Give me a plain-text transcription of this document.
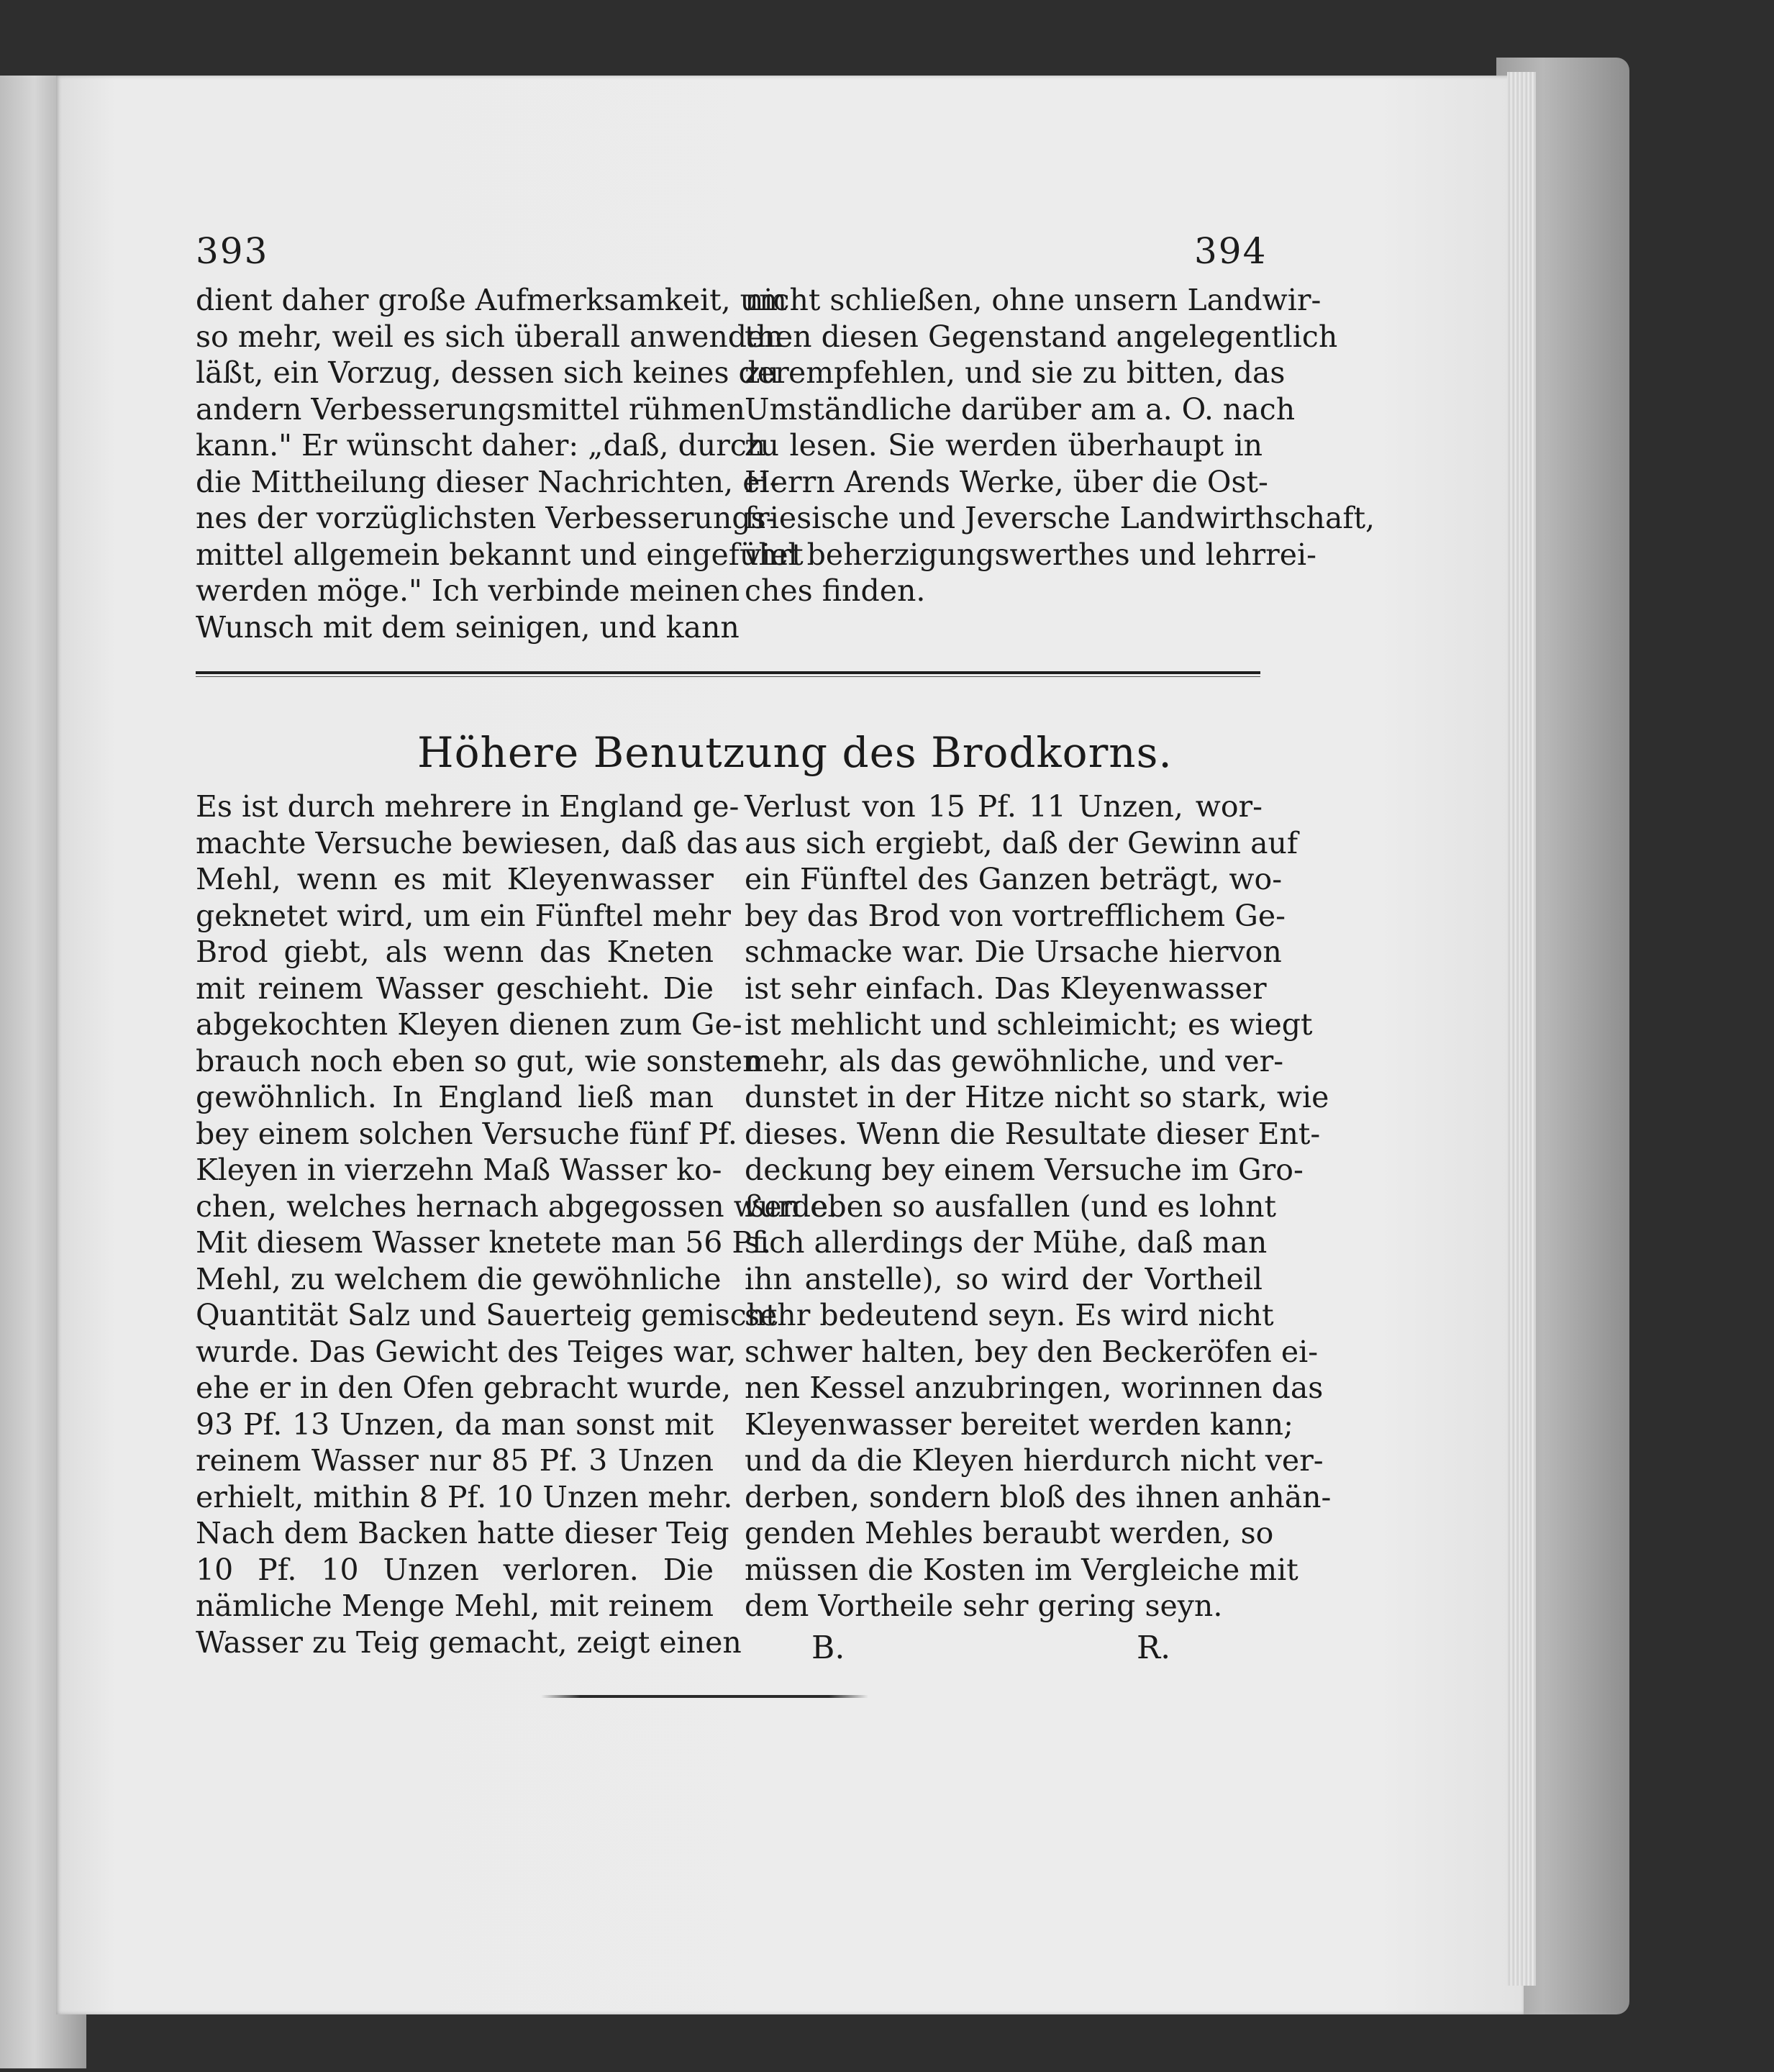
393	394
dient daher große Aufmerksamkeit, um
so mehr, weil es sich überall anwenden
läßt, ein Vorzug, dessen sich keines der
andern Verbesserungsmittel rühmen
kann." Er wünscht daher: „daß, durch
die Mittheilung dieser Nachrichten, ei-
nes der vorzüglichsten Verbesserungs-
mittel allgemein bekannt und eingeführt
werden möge." Ich verbinde meinen
Wunsch mit dem seinigen, und kann
nicht schließen, ohne unsern Landwir-
then diesen Gegenstand angelegentlich
zu empfehlen, und sie zu bitten, das
Umständliche darüber am a. O. nach
zu lesen. Sie werden überhaupt in
Herrn Arends Werke, über die Ost-
friesische und Jeversche Landwirthschaft,
viel beherzigungswerthes und lehrrei-
ches finden.
Höhere Benutzung des Brodkorns.
Es ist durch mehrere in England ge-
machte Versuche bewiesen, daß das
Mehl, wenn es mit Kleyenwasser
geknetet wird, um ein Fünftel mehr
Brod giebt, als wenn das Kneten
mit reinem Wasser geschieht. Die
abgekochten Kleyen dienen zum Ge-
brauch noch eben so gut, wie sonsten
gewöhnlich. In England ließ man
bey einem solchen Versuche fünf Pf.
Kleyen in vierzehn Maß Wasser ko-
chen, welches hernach abgegossen wurde.
Mit diesem Wasser knetete man 56 Pf.
Mehl, zu welchem die gewöhnliche
Quantität Salz und Sauerteig gemischt
wurde. Das Gewicht des Teiges war,
ehe er in den Ofen gebracht wurde,
93 Pf. 13 Unzen, da man sonst mit
reinem Wasser nur 85 Pf. 3 Unzen
erhielt, mithin 8 Pf. 10 Unzen mehr.
Nach dem Backen hatte dieser Teig
10 Pf. 10 Unzen verloren. Die
nämliche Menge Mehl, mit reinem
Wasser zu Teig gemacht, zeigt einen
Verlust von 15 Pf. 11 Unzen, wor-
aus sich ergiebt, daß der Gewinn auf
ein Fünftel des Ganzen beträgt, wo-
bey das Brod von vortrefflichem Ge-
schmacke war. Die Ursache hiervon
ist sehr einfach. Das Kleyenwasser
ist mehlicht und schleimicht; es wiegt
mehr, als das gewöhnliche, und ver-
dunstet in der Hitze nicht so stark, wie
dieses. Wenn die Resultate dieser Ent-
deckung bey einem Versuche im Gro-
ßen eben so ausfallen (und es lohnt
sich allerdings der Mühe, daß man
ihn anstelle), so wird der Vortheil
sehr bedeutend seyn. Es wird nicht
schwer halten, bey den Beckeröfen ei-
nen Kessel anzubringen, worinnen das
Kleyenwasser bereitet werden kann;
und da die Kleyen hierdurch nicht ver-
derben, sondern bloß des ihnen anhän-
genden Mehles beraubt werden, so
müssen die Kosten im Vergleiche mit
dem Vortheile sehr gering seyn.
B.	R.
